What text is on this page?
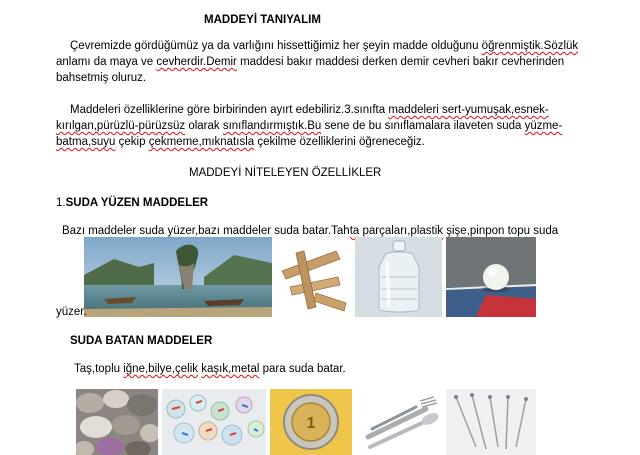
MADDEYİ TANIYALIM
Çevremizde gördüğümüz ya da varlığını hissettiğimiz her şeyin madde olduğunu öğrenmiştik.Sözlük
anlamı da maya ve cevherdir.Demir maddesi bakır maddesi derken demir cevheri bakır cevherinden
bahsetmiş oluruz.
Maddeleri özelliklerine göre birbirinden ayırt edebiliriz.3.sınıfta maddeleri sert-yumuşak,esnek-
kırılgan,pürüzlü-pürüzsüz olarak sınıflandırmıştık.Bu sene de bu sınıflamalara ilaveten suda yüzme-
batma,suyu çekip çekmeme,mıknatısla çekilme özelliklerini öğreneceğiz.
MADDEYİ NİTELEYEN ÖZELLİKLER
1.SUDA YÜZEN MADDELER
Bazı maddeler suda yüzer,bazı maddeler suda batar.Tahta parçaları,plastik şişe,pinpon topu suda
yüzer.
SUDA BATAN MADDELER
Taş,toplu iğne,bilye,çelik kaşık,metal para suda batar.
1
